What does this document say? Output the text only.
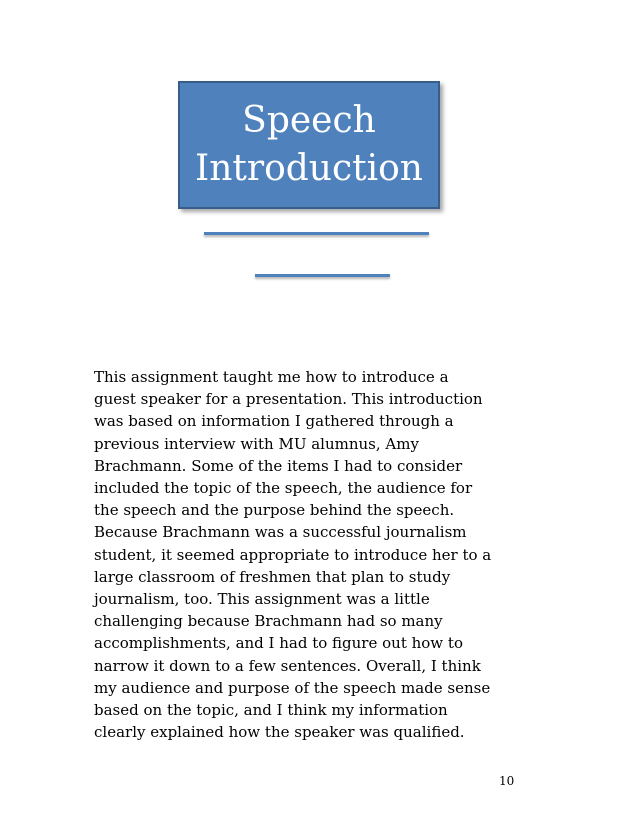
Speech
Introduction

This assignment taught me how to introduce a
guest speaker for a presentation. This introduction
was based on information I gathered through a
previous interview with MU alumnus, Amy
Brachmann. Some of the items I had to consider
included the topic of the speech, the audience for
the speech and the purpose behind the speech.
Because Brachmann was a successful journalism
student, it seemed appropriate to introduce her to a
large classroom of freshmen that plan to study
journalism, too. This assignment was a little
challenging because Brachmann had so many
accomplishments, and I had to figure out how to
narrow it down to a few sentences. Overall, I think
my audience and purpose of the speech made sense
based on the topic, and I think my information
clearly explained how the speaker was qualified.

10
